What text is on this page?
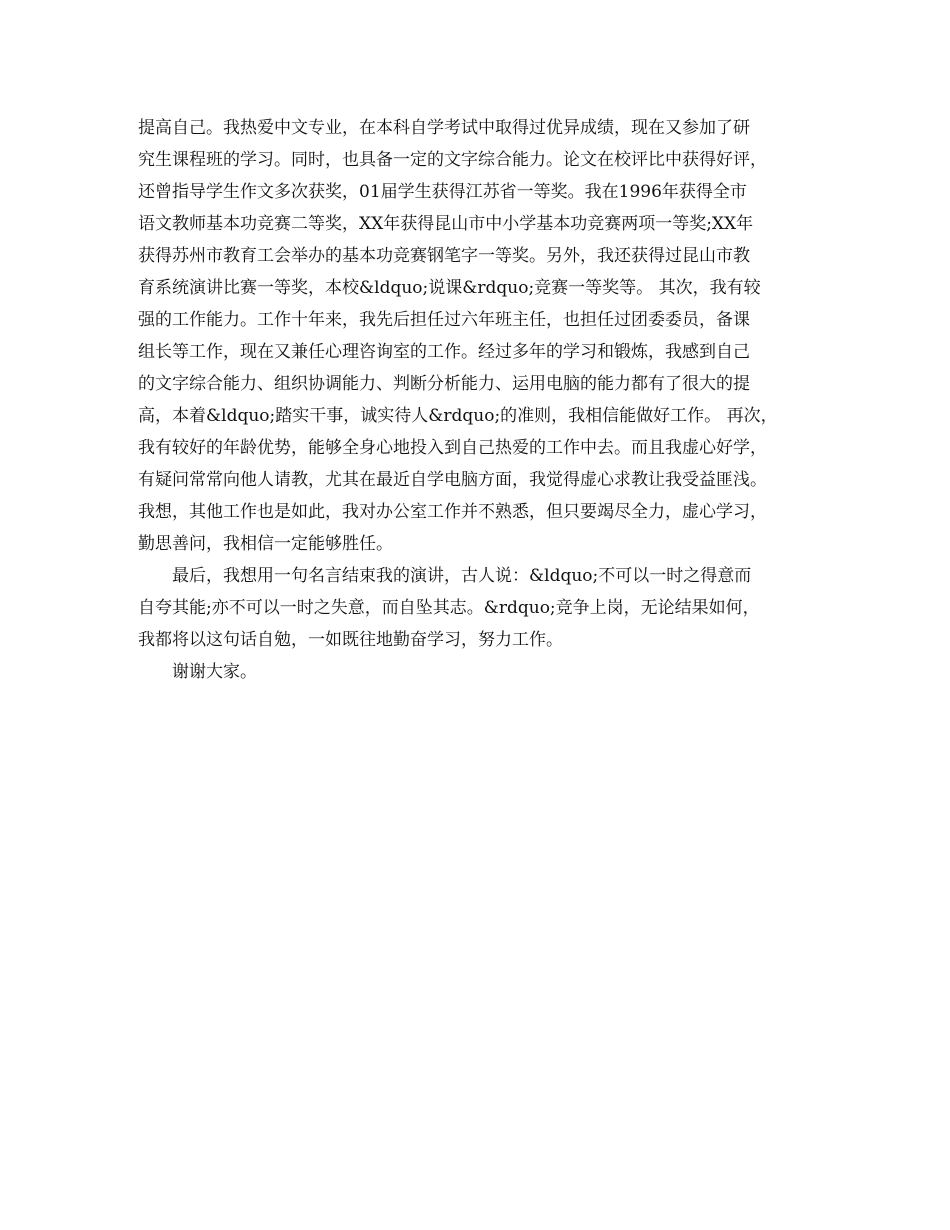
提高自己。我热爱中文专业，在本科自学考试中取得过优异成绩，现在又参加了研
究生课程班的学习。同时，也具备一定的文字综合能力。论文在校评比中获得好评，
还曾指导学生作文多次获奖，01届学生获得江苏省一等奖。我在1996年获得全市
语文教师基本功竞赛二等奖，XX年获得昆山市中小学基本功竞赛两项一等奖;XX年
获得苏州市教育工会举办的基本功竞赛钢笔字一等奖。另外，我还获得过昆山市教
育系统演讲比赛一等奖，本校&ldquo;说课&rdquo;竞赛一等奖等。 其次，我有较
强的工作能力。工作十年来，我先后担任过六年班主任，也担任过团委委员，备课
组长等工作，现在又兼任心理咨询室的工作。经过多年的学习和锻炼，我感到自己
的文字综合能力、组织协调能力、判断分析能力、运用电脑的能力都有了很大的提
高，本着&ldquo;踏实干事，诚实待人&rdquo;的准则，我相信能做好工作。 再次，
我有较好的年龄优势，能够全身心地投入到自己热爱的工作中去。而且我虚心好学，
有疑问常常向他人请教，尤其在最近自学电脑方面，我觉得虚心求教让我受益匪浅。
我想，其他工作也是如此，我对办公室工作并不熟悉，但只要竭尽全力，虚心学习，
勤思善问，我相信一定能够胜任。
最后，我想用一句名言结束我的演讲，古人说：&ldquo;不可以一时之得意而
自夸其能;亦不可以一时之失意，而自坠其志。&rdquo;竞争上岗，无论结果如何，
我都将以这句话自勉，一如既往地勤奋学习，努力工作。
谢谢大家。
